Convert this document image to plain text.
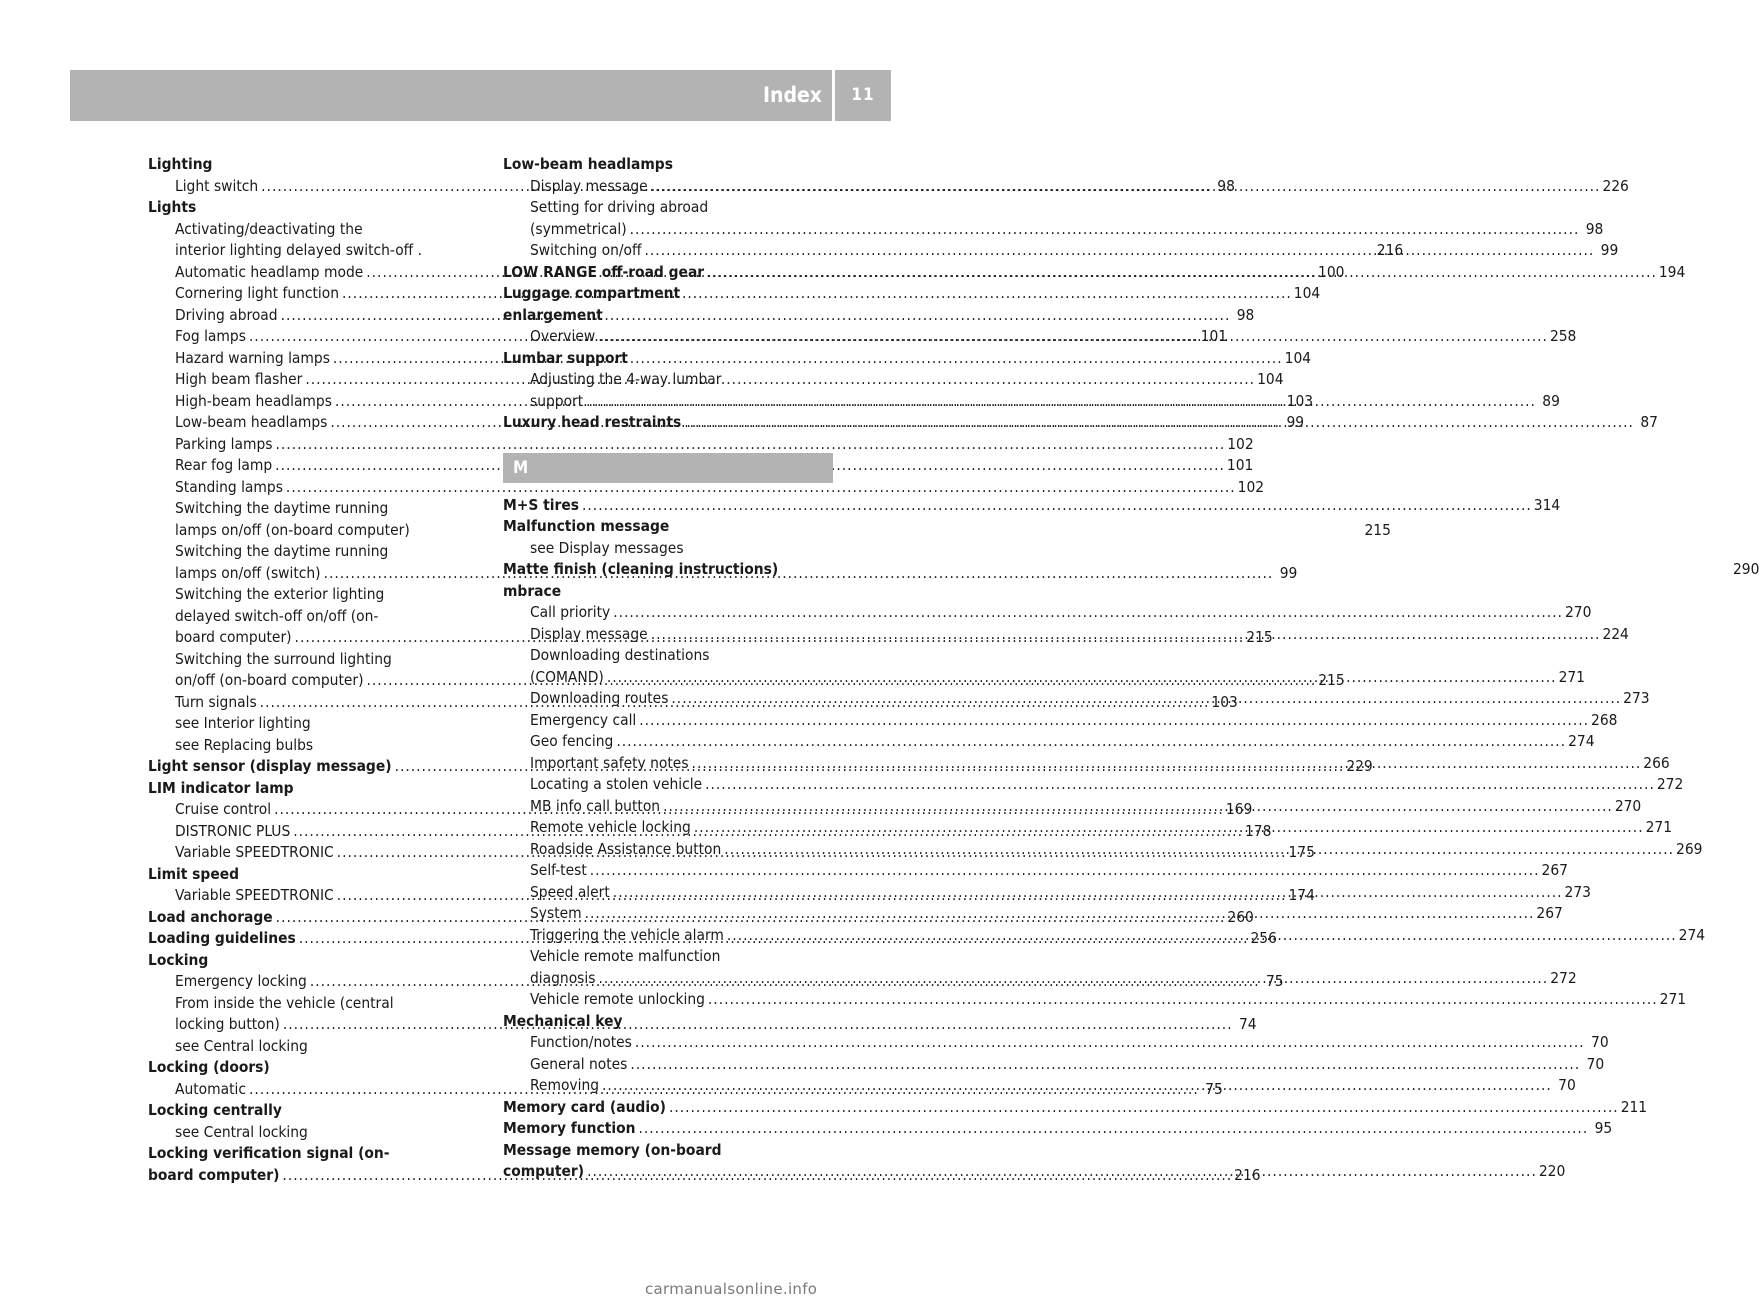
Index	11
Lighting
Light switch .....	98
Lights
Activating/deactivating the
interior lighting delayed switch-off .	216
Automatic headlamp mode .....	100
Cornering light function .....	104
Driving abroad .....	98
Fog lamps .....	101
Hazard warning lamps .....	104
High beam flasher .....	104
High-beam headlamps .....	103
Low-beam headlamps .....	99
Parking lamps .....	102
Rear fog lamp .....	101
Standing lamps .....	102
Switching the daytime running
lamps on/off (on-board computer)	215
Switching the daytime running
lamps on/off (switch) .....	99
Switching the exterior lighting
delayed switch-off on/off (on-
board computer) .....	215
Switching the surround lighting
on/off (on-board computer) .....	215
Turn signals .....	103
see Interior lighting
see Replacing bulbs
Light sensor (display message) .....	229
LIM indicator lamp
Cruise control .....	169
DISTRONIC PLUS .....	178
Variable SPEEDTRONIC .....	175
Limit speed
Variable SPEEDTRONIC .....	174
Load anchorage .....	260
Loading guidelines .....	256
Locking
Emergency locking .....	75
From inside the vehicle (central
locking button) .....	74
see Central locking
Locking (doors)
Automatic .....	75
Locking centrally
see Central locking
Locking verification signal (on-
board computer) .....	216
Low-beam headlamps
Display message .....	226
Setting for driving abroad
(symmetrical) .....	98
Switching on/off .....	99
LOW RANGE off-road gear .....	194
Luggage compartment
enlargement
Overview .....	258
Lumbar support
Adjusting the 4-way lumbar
support .....	89
Luxury head restraints .....	87
M
M+S tires .....	314
Malfunction message
see Display messages
Matte finish (cleaning instructions)	290
mbrace
Call priority .....	270
Display message .....	224
Downloading destinations
(COMAND) .....	271
Downloading routes .....	273
Emergency call .....	268
Geo fencing .....	274
Important safety notes .....	266
Locating a stolen vehicle .....	272
MB info call button .....	270
Remote vehicle locking .....	271
Roadside Assistance button .....	269
Self-test .....	267
Speed alert .....	273
System .....	267
Triggering the vehicle alarm .....	274
Vehicle remote malfunction
diagnosis .....	272
Vehicle remote unlocking .....	271
Mechanical key
Function/notes .....	70
General notes .....	70
Removing .....	70
Memory card (audio) .....	211
Memory function .....	95
Message memory (on-board
computer) .....	220
carmanualsonline.info
